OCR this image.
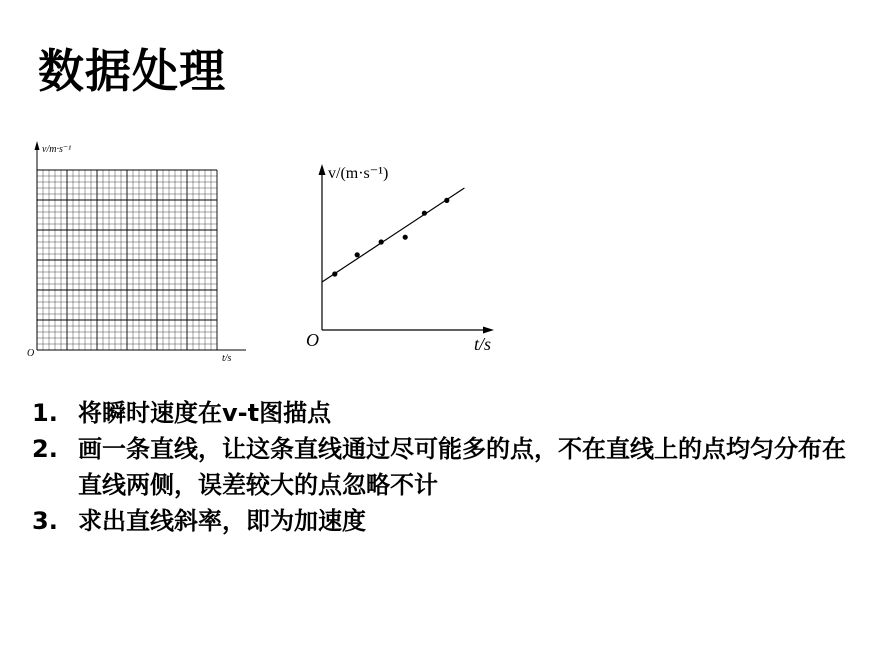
数据处理
v/m·s⁻¹
t/s
O
v/(m·s⁻¹)
t/s
O
1. 将瞬时速度在v-t图描点
2. 画一条直线，让这条直线通过尽可能多的点，不在直线上的点均匀分布在直线两侧，误差较大的点忽略不计
3. 求出直线斜率，即为加速度
